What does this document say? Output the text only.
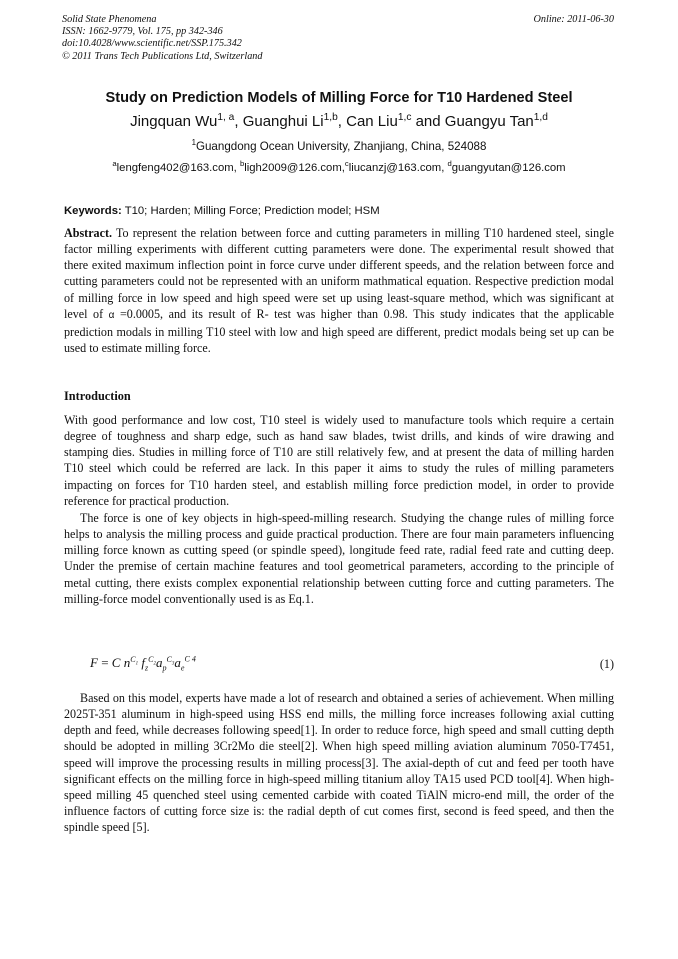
Solid State Phenomena
ISSN: 1662-9779, Vol. 175, pp 342-346
doi:10.4028/www.scientific.net/SSP.175.342
© 2011 Trans Tech Publications Ltd, Switzerland
Online: 2011-06-30
Study on Prediction Models of Milling Force for T10 Hardened Steel
Jingquan Wu$^{1, a}$, Guanghui Li$^{1,b}$, Can Liu$^{1,c}$ and Guangyu Tan$^{1,d}$
$^1$Guangdong Ocean University, Zhanjiang, China, 524088
$^a$lengfeng402@163.com, $^b$ligh2009@126.com,$^c$liucanzj@163.com, $^d$guangyutan@126.com
Keywords: T10; Harden; Milling Force; Prediction model; HSM
Abstract. To represent the relation between force and cutting parameters in milling T10 hardened steel, single factor milling experiments with different cutting parameters were done. The experimental result showed that there exited maximum inflection point in force curve under different speeds, and the relation between force and cutting parameters could not be represented with an uniform mathmatical equation. Respective prediction modal of milling force in low speed and high speed were set up using least-square method, which was significant at level of α =0.0005, and its result of R- test was higher than 0.98. This study indicates that the applicable prediction modals in milling T10 steel with low and high speed are different, predict modals being set up can be used to estimate milling force.
Introduction
With good performance and low cost, T10 steel is widely used to manufacture tools which require a certain degree of toughness and sharp edge, such as hand saw blades, twist drills, and kinds of wire drawing and stamping dies. Studies in milling force of T10 are still relatively few, and at present the data of milling harden T10 steel which could be referred are lack. In this paper it aims to study the rules of milling parameters impacting on forces for T10 harden steel, and establish milling force prediction model, in order to provide reference for practical production.
The force is one of key objects in high-speed-milling research. Studying the change rules of milling force helps to analysis the milling process and guide practical production. There are four main parameters influencing milling force known as cutting speed (or spindle speed), longitude feed rate, radial feed rate and cutting deep. Under the premise of certain machine features and tool geometrical parameters, according to the principle of metal cutting, there exists complex exponential relationship between cutting force and cutting parameters. The milling-force model conventionally used is as Eq.1.
F = C $n^{C_1}$ $f_z^{C_2}a_p^{C_3}a_e^{C 4}$	(1)
Based on this model, experts have made a lot of research and obtained a series of achievement. When milling 2025T-351 aluminum in high-speed using HSS end mills, the milling force increases following axial cutting depth and feed, while decreases following speed[1]. In order to reduce force, high speed and small cutting depth should be adopted in milling 3Cr2Mo die steel[2]. When high speed milling aviation aluminum 7050-T7451, speed will improve the processing results in milling process[3]. The axial-depth of cut and feed per tooth have significant effects on the milling force in high-speed milling titanium alloy TA15 used PCD tool[4]. When high-speed milling 45 quenched steel using cemented carbide with coated TiAlN micro-end mill, the order of the influence factors of cutting force size is: the radial depth of cut comes first, second is feed speed, and then the spindle speed [5].
